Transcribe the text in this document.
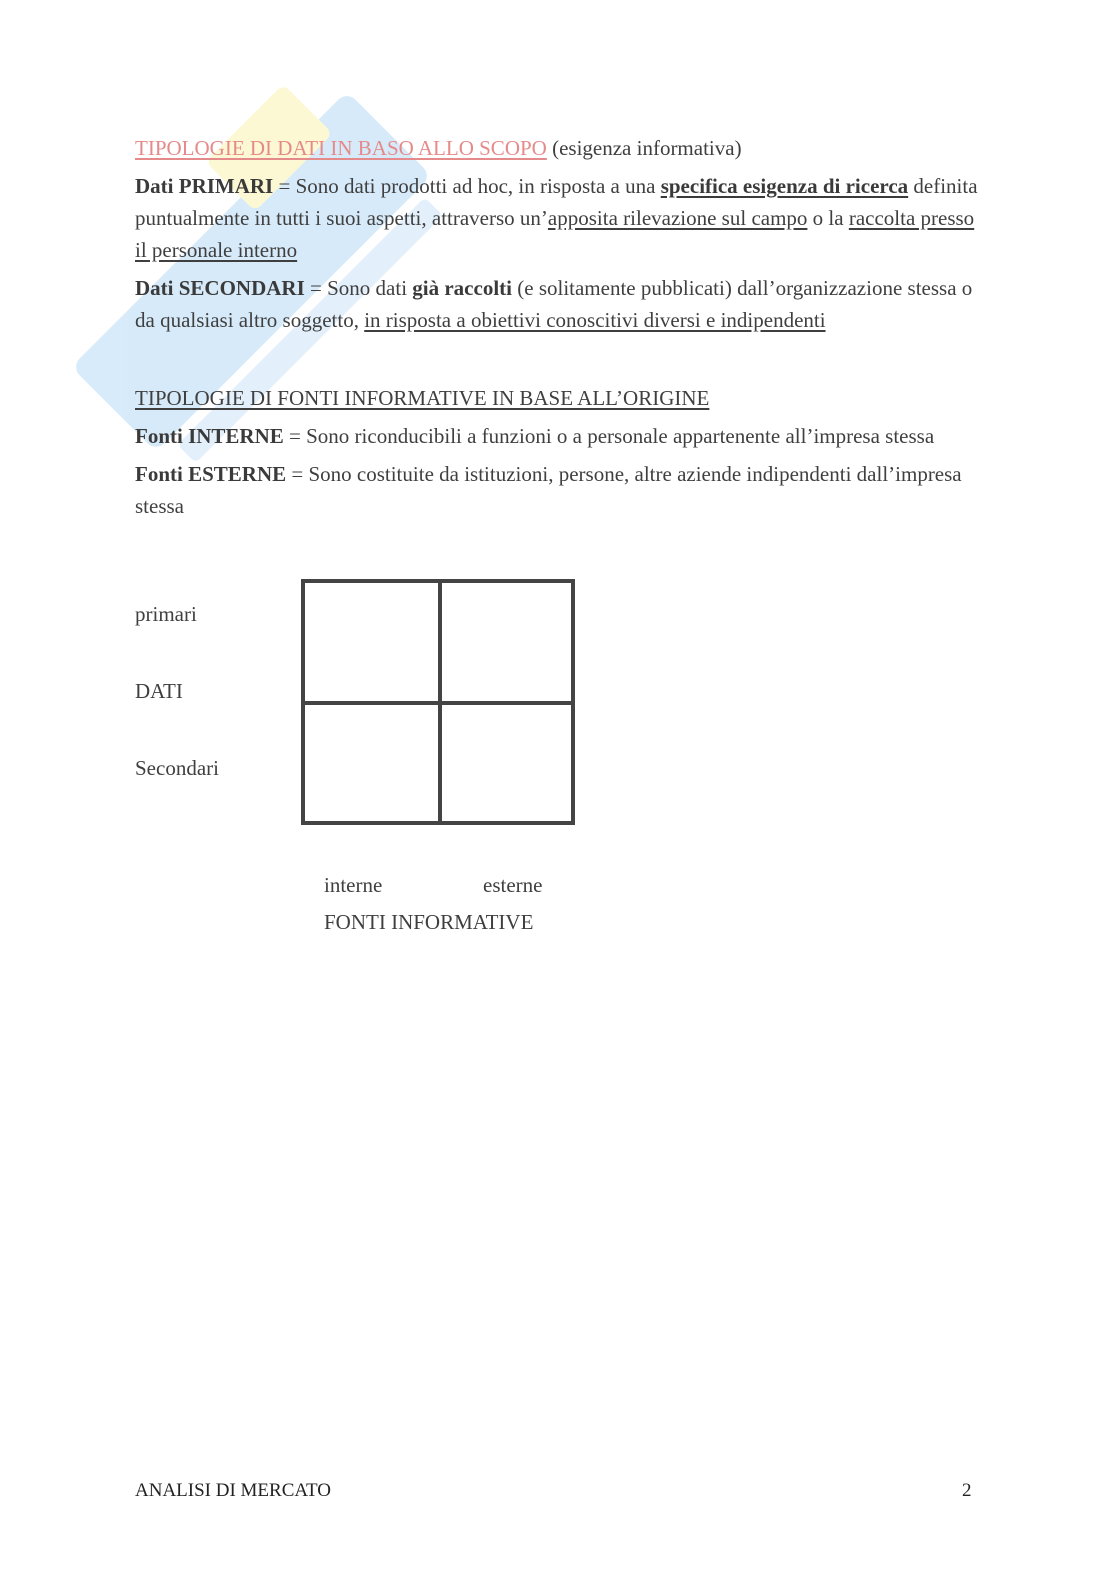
TIPOLOGIE DI DATI IN BASO ALLO SCOPO (esigenza informativa)

Dati PRIMARI = Sono dati prodotti ad hoc, in risposta a una specifica esigenza di ricerca definita puntualmente in tutti i suoi aspetti, attraverso un’apposita rilevazione sul campo o la raccolta presso il personale interno

Dati SECONDARI = Sono dati già raccolti (e solitamente pubblicati) dall’organizzazione stessa o da qualsiasi altro soggetto, in risposta a obiettivi conoscitivi diversi e indipendenti

TIPOLOGIE DI FONTI INFORMATIVE IN BASE ALL’ORIGINE

Fonti INTERNE = Sono riconducibili a funzioni o a personale appartenente all’impresa stessa

Fonti ESTERNE = Sono costituite da istituzioni, persone, altre aziende indipendenti dall’impresa stessa

primari
DATI
Secondari
interne	esterne
FONTI INFORMATIVE
ANALISI DI MERCATO	2
